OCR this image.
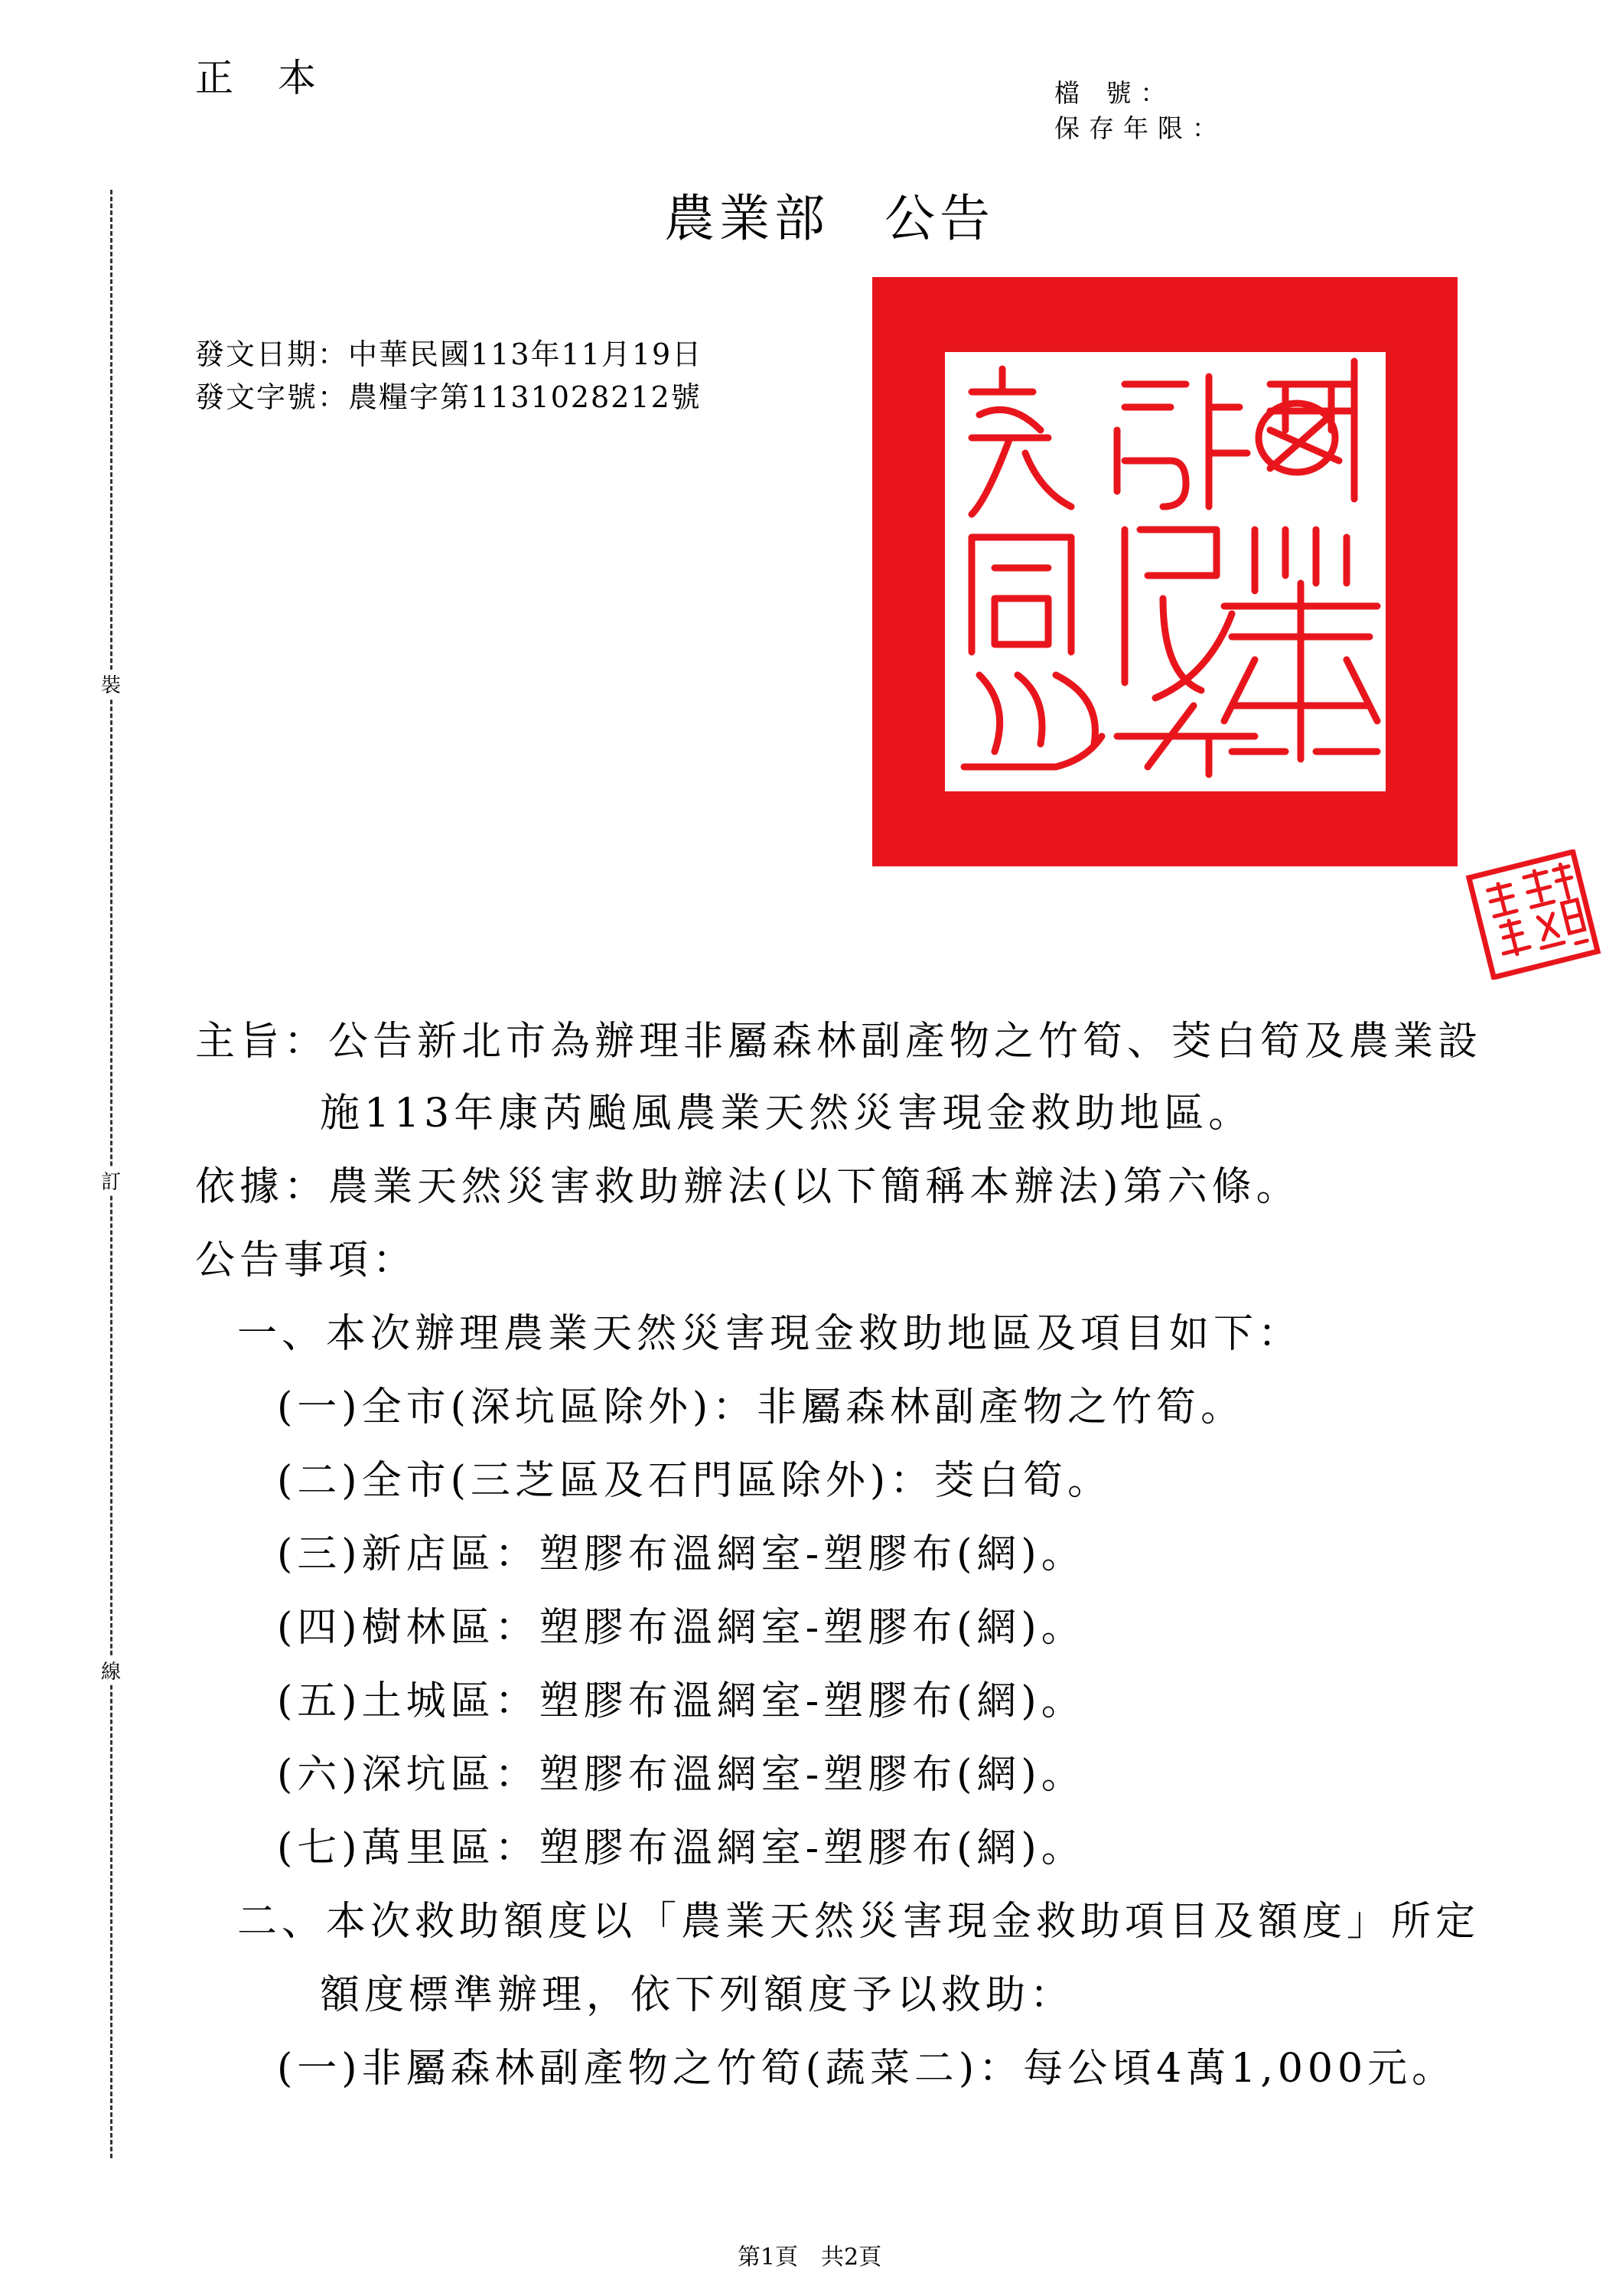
正本	檔 號：
保存年限：
裝
訂
線
農業部　公告
發文日期：中華民國113年11月19日
發文字號：農糧字第1131028212號
主旨：公告新北市為辦理非屬森林副產物之竹筍、茭白筍及農業設
施113年康芮颱風農業天然災害現金救助地區。
依據：農業天然災害救助辦法(以下簡稱本辦法)第六條。
公告事項：
一、本次辦理農業天然災害現金救助地區及項目如下：
(一)全市(深坑區除外)：非屬森林副產物之竹筍。
(二)全市(三芝區及石門區除外)：茭白筍。
(三)新店區：塑膠布溫網室-塑膠布(網)。
(四)樹林區：塑膠布溫網室-塑膠布(網)。
(五)土城區：塑膠布溫網室-塑膠布(網)。
(六)深坑區：塑膠布溫網室-塑膠布(網)。
(七)萬里區：塑膠布溫網室-塑膠布(網)。
二、本次救助額度以「農業天然災害現金救助項目及額度」所定
額度標準辦理，依下列額度予以救助：
(一)非屬森林副產物之竹筍(蔬菜二)：每公頃4萬1,000元。
第1頁　共2頁
